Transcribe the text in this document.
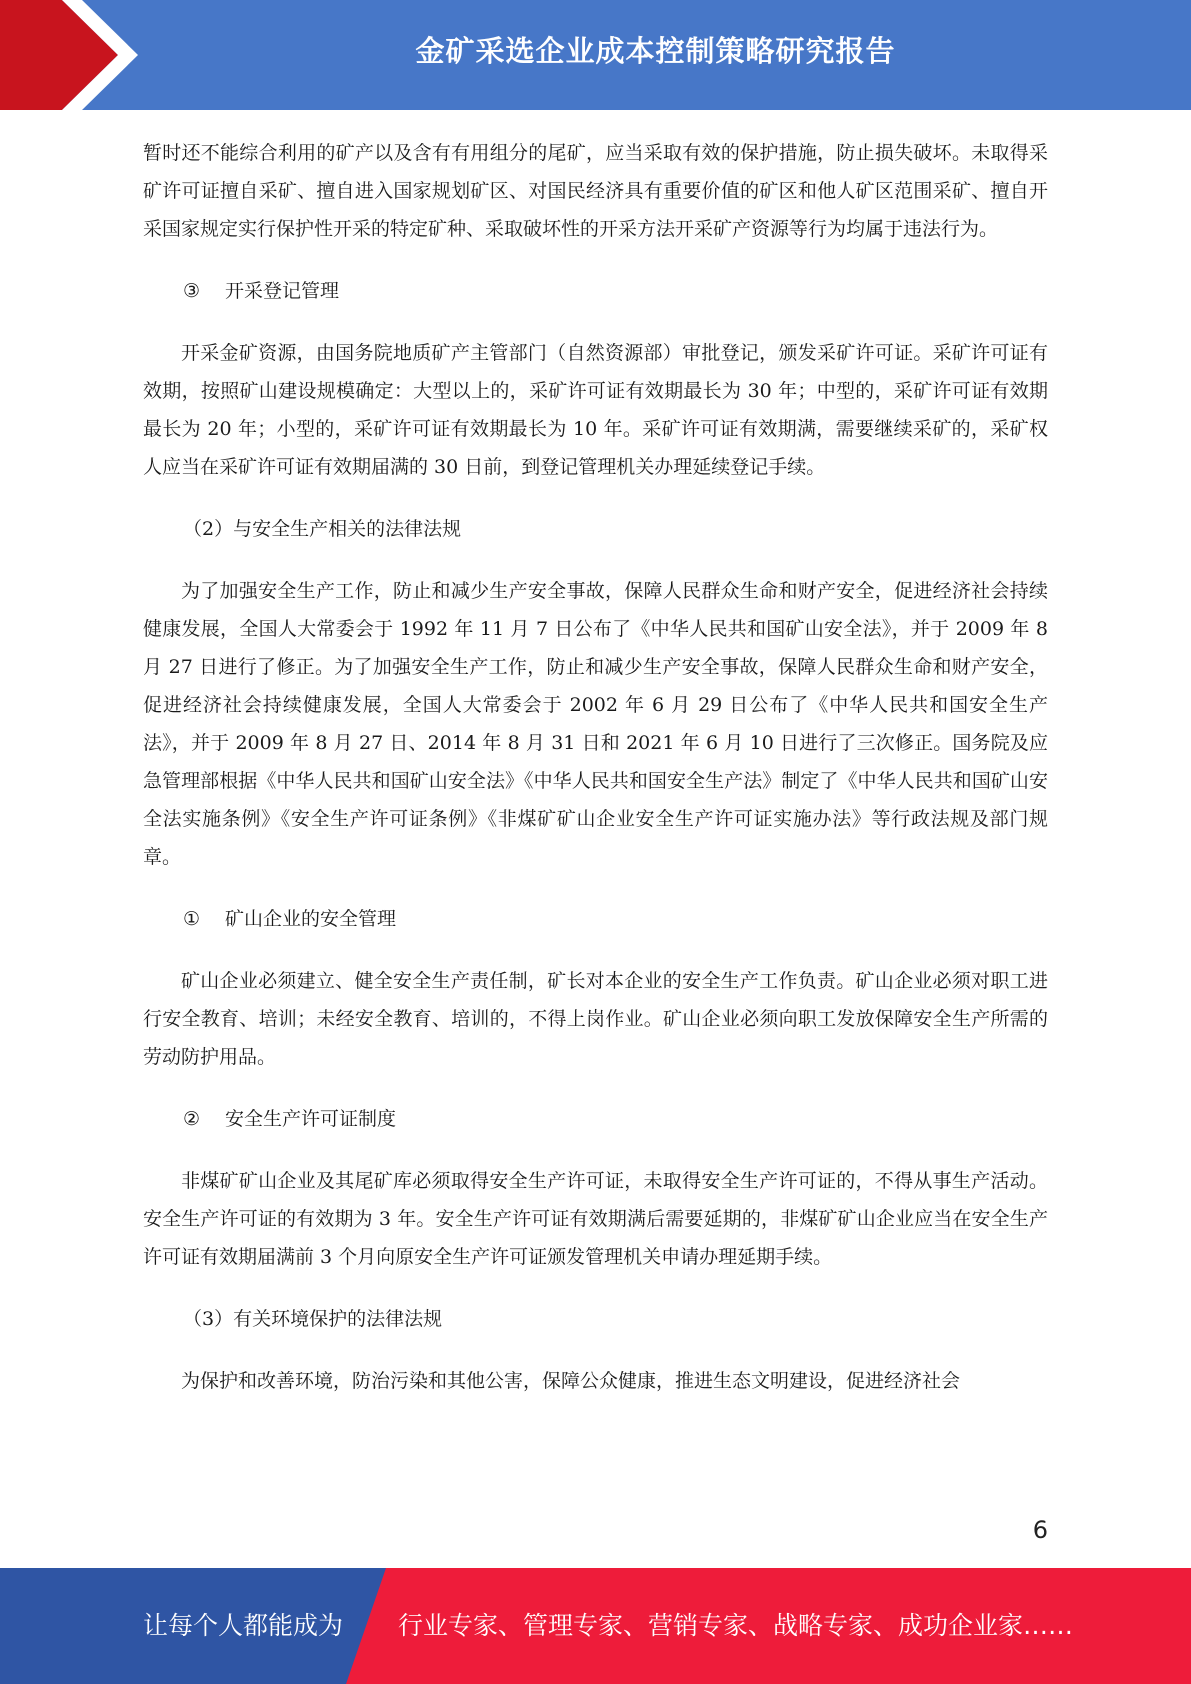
金矿采选企业成本控制策略研究报告

暂时还不能综合利用的矿产以及含有有用组分的尾矿，应当采取有效的保护措施，防止损失破坏。未取得采矿许可证擅自采矿、擅自进入国家规划矿区、对国民经济具有重要价值的矿区和他人矿区范围采矿、擅自开采国家规定实行保护性开采的特定矿种、采取破坏性的开采方法开采矿产资源等行为均属于违法行为。

③ 开采登记管理

开采金矿资源，由国务院地质矿产主管部门（自然资源部）审批登记，颁发采矿许可证。采矿许可证有效期，按照矿山建设规模确定：大型以上的，采矿许可证有效期最长为 30 年；中型的，采矿许可证有效期最长为 20 年；小型的，采矿许可证有效期最长为 10 年。采矿许可证有效期满，需要继续采矿的，采矿权人应当在采矿许可证有效期届满的 30 日前，到登记管理机关办理延续登记手续。

（2）与安全生产相关的法律法规

为了加强安全生产工作，防止和减少生产安全事故，保障人民群众生命和财产安全，促进经济社会持续健康发展，全国人大常委会于 1992 年 11 月 7 日公布了《中华人民共和国矿山安全法》，并于 2009 年 8 月 27 日进行了修正。为了加强安全生产工作，防止和减少生产安全事故，保障人民群众生命和财产安全，促进经济社会持续健康发展，全国人大常委会于 2002 年 6 月 29 日公布了《中华人民共和国安全生产法》，并于 2009 年 8 月 27 日、2014 年 8 月 31 日和 2021 年 6 月 10 日进行了三次修正。国务院及应急管理部根据《中华人民共和国矿山安全法》《中华人民共和国安全生产法》制定了《中华人民共和国矿山安全法实施条例》《安全生产许可证条例》《非煤矿矿山企业安全生产许可证实施办法》等行政法规及部门规章。

① 矿山企业的安全管理

矿山企业必须建立、健全安全生产责任制，矿长对本企业的安全生产工作负责。矿山企业必须对职工进行安全教育、培训；未经安全教育、培训的，不得上岗作业。矿山企业必须向职工发放保障安全生产所需的劳动防护用品。

② 安全生产许可证制度

非煤矿矿山企业及其尾矿库必须取得安全生产许可证，未取得安全生产许可证的，不得从事生产活动。安全生产许可证的有效期为 3 年。安全生产许可证有效期满后需要延期的，非煤矿矿山企业应当在安全生产许可证有效期届满前 3 个月向原安全生产许可证颁发管理机关申请办理延期手续。

（3）有关环境保护的法律法规

为保护和改善环境，防治污染和其他公害，保障公众健康，推进生态文明建设，促进经济社会

6
让每个人都能成为 行业专家、管理专家、营销专家、战略专家、成功企业家……
